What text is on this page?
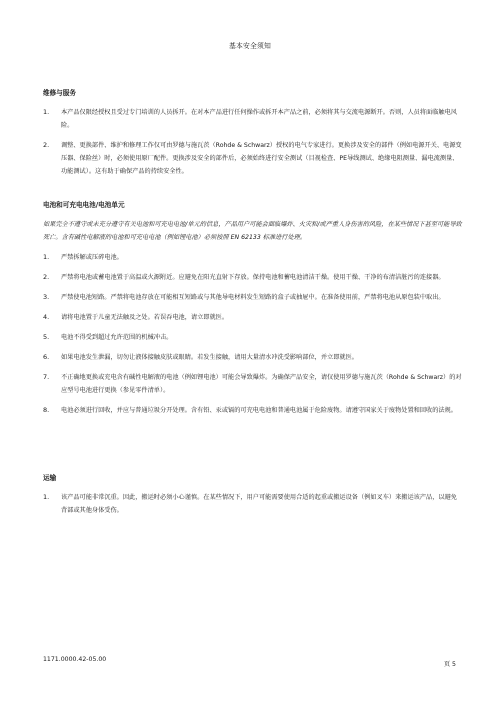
基本安全须知
维修与服务
1.	本产品仅限经授权且受过专门培训的人员拆开。在对本产品进行任何操作或拆开本产品之前，必须将其与交流电源断开。否则，人员将面临触电风险。
2.	调整、更换部件、维护和修理工作仅可由罗德与施瓦茨（Rohde & Schwarz）授权的电气专家进行。更换涉及安全的部件（例如电源开关、电源变压器、保险丝）时，必须使用原厂配件。更换涉及安全的部件后，必须始终进行安全测试（目视检查、PE导线测试、绝缘电阻测量、漏电流测量、功能测试）。这有助于确保产品的持续安全性。
电池和可充电电池/电池单元
如果完全不遵守或未充分遵守有关电池和可充电电池/单元的信息，产品用户可能会面临爆炸、火灾和/或严重人身伤害的风险，在某些情况下甚至可能导致死亡。含有碱性电解液的电池和可充电电池（例如锂电池）必须按照 EN 62133 标准进行处理。
1.	严禁拆解或压碎电池。
2.	严禁将电池或蓄电池置于高温或火源附近。应避免在阳光直射下存放。保持电池和蓄电池清洁干燥。使用干燥、干净的布清洁脏污的连接器。
3.	严禁使电池短路。严禁将电池存放在可能相互短路或与其他导电材料发生短路的盒子或抽屉中。在准备使用前，严禁将电池从原包装中取出。
4.	请将电池置于儿童无法触及之处。若误吞电池，请立即就医。
5.	电池不得受到超过允许范围的机械冲击。
6.	如果电池发生泄漏，切勿让液体接触皮肤或眼睛。若发生接触，请用大量清水冲洗受影响部位，并立即就医。
7.	不正确地更换或充电含有碱性电解液的电池（例如锂电池）可能会导致爆炸。为确保产品安全，请仅使用罗德与施瓦茨（Rohde & Schwarz）的对应型号电池进行更换（参见零件清单）。
8.	电池必须进行回收，并应与普通垃圾分开处理。含有铅、汞或镉的可充电电池和普通电池属于危险废物。请遵守国家关于废物处置和回收的法规。
运输
1.	该产品可能非常沉重。因此，搬运时必须小心谨慎。在某些情况下，用户可能需要使用合适的起重或搬运设备（例如叉车）来搬运该产品，以避免背部或其他身体受伤。
1171.0000.42-05.00
页 5
